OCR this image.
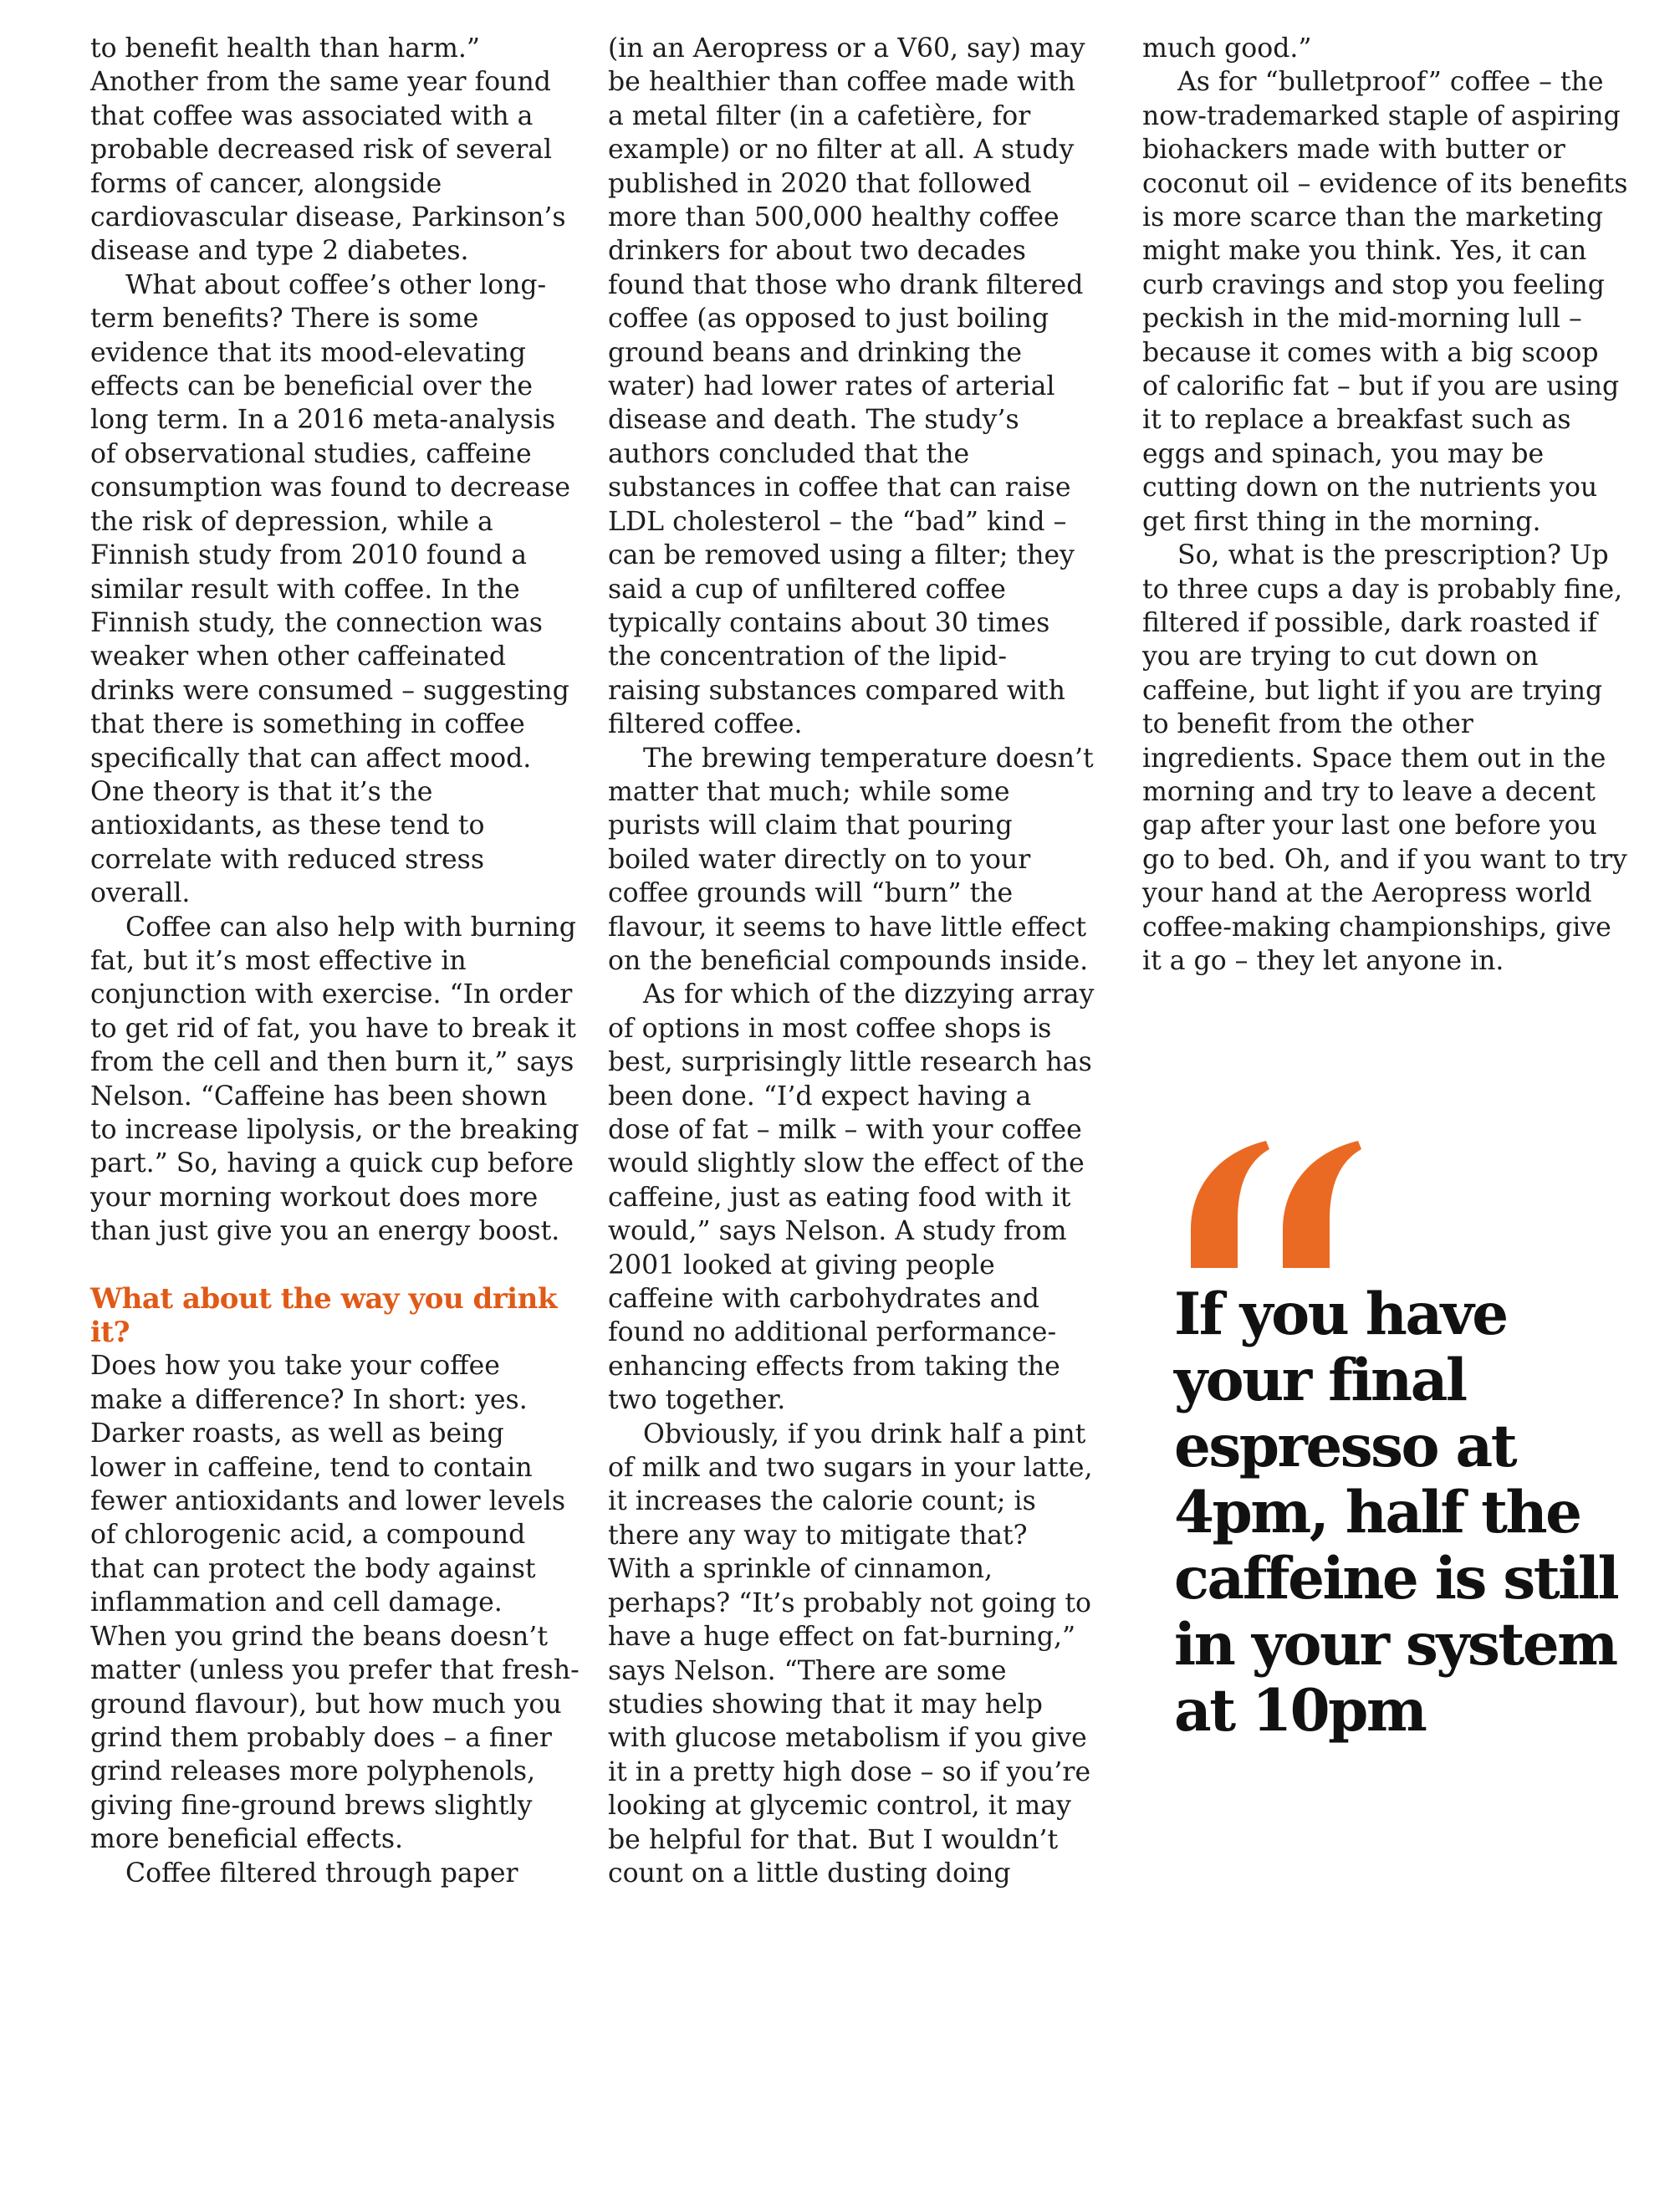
to benefit health than harm.” Another from the same year found that coffee was associated with a probable decreased risk of several forms of cancer, alongside cardiovascular disease, Parkinson’s disease and type 2 diabetes.

What about coffee’s other long-term benefits? There is some evidence that its mood-elevating effects can be beneficial over the long term. In a 2016 meta-analysis of observational studies, caffeine consumption was found to decrease the risk of depression, while a Finnish study from 2010 found a similar result with coffee. In the Finnish study, the connection was weaker when other caffeinated drinks were consumed – suggesting that there is something in coffee specifically that can affect mood. One theory is that it’s the antioxidants, as these tend to correlate with reduced stress overall.

Coffee can also help with burning fat, but it’s most effective in conjunction with exercise. “In order to get rid of fat, you have to break it from the cell and then burn it,” says Nelson. “Caffeine has been shown to increase lipolysis, or the breaking part.” So, having a quick cup before your morning workout does more than just give you an energy boost.

What about the way you drink it?

Does how you take your coffee make a difference? In short: yes. Darker roasts, as well as being lower in caffeine, tend to contain fewer antioxidants and lower levels of chlorogenic acid, a compound that can protect the body against inflammation and cell damage. When you grind the beans doesn’t matter (unless you prefer that fresh-ground flavour), but how much you grind them probably does – a finer grind releases more polyphenols, giving fine-ground brews slightly more beneficial effects.

Coffee filtered through paper

(in an Aeropress or a V60, say) may be healthier than coffee made with a metal filter (in a cafetière, for example) or no filter at all. A study published in 2020 that followed more than 500,000 healthy coffee drinkers for about two decades found that those who drank filtered coffee (as opposed to just boiling ground beans and drinking the water) had lower rates of arterial disease and death. The study’s authors concluded that the substances in coffee that can raise LDL cholesterol – the “bad” kind – can be removed using a filter; they said a cup of unfiltered coffee typically contains about 30 times the concentration of the lipid-raising substances compared with filtered coffee.

The brewing temperature doesn’t matter that much; while some purists will claim that pouring boiled water directly on to your coffee grounds will “burn” the flavour, it seems to have little effect on the beneficial compounds inside.

As for which of the dizzying array of options in most coffee shops is best, surprisingly little research has been done. “I’d expect having a dose of fat – milk – with your coffee would slightly slow the effect of the caffeine, just as eating food with it would,” says Nelson. A study from 2001 looked at giving people caffeine with carbohydrates and found no additional performance-enhancing effects from taking the two together.

Obviously, if you drink half a pint of milk and two sugars in your latte, it increases the calorie count; is there any way to mitigate that? With a sprinkle of cinnamon, perhaps? “It’s probably not going to have a huge effect on fat-burning,” says Nelson. “There are some studies showing that it may help with glucose metabolism if you give it in a pretty high dose – so if you’re looking at glycemic control, it may be helpful for that. But I wouldn’t count on a little dusting doing

much good.”

As for “bulletproof” coffee – the now-trademarked staple of aspiring biohackers made with butter or coconut oil – evidence of its benefits is more scarce than the marketing might make you think. Yes, it can curb cravings and stop you feeling peckish in the mid-morning lull – because it comes with a big scoop of calorific fat – but if you are using it to replace a breakfast such as eggs and spinach, you may be cutting down on the nutrients you get first thing in the morning.

So, what is the prescription? Up to three cups a day is probably fine, filtered if possible, dark roasted if you are trying to cut down on caffeine, but light if you are trying to benefit from the other ingredients. Space them out in the morning and try to leave a decent gap after your last one before you go to bed. Oh, and if you want to try your hand at the Aeropress world coffee-making championships, give it a go – they let anyone in.

If you have your final espresso at 4pm, half the caffeine is still in your system at 10pm
